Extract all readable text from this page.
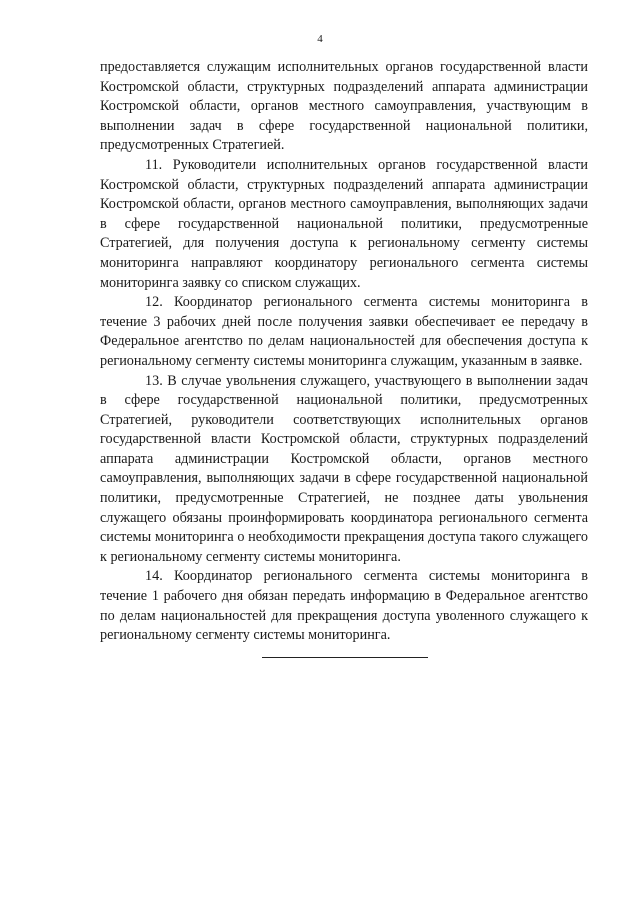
4

предоставляется служащим исполнительных органов государственной власти Костромской области, структурных подразделений аппарата администрации Костромской области, органов местного самоуправления, участвующим в выполнении задач в сфере государственной национальной политики, предусмотренных Стратегией.

11. Руководители исполнительных органов государственной власти Костромской области, структурных подразделений аппарата администрации Костромской области, органов местного самоуправления, выполняющих задачи в сфере государственной национальной политики, предусмотренные Стратегией, для получения доступа к региональному сегменту системы мониторинга направляют координатору регионального сегмента системы мониторинга заявку со списком служащих.

12. Координатор регионального сегмента системы мониторинга в течение 3 рабочих дней после получения заявки обеспечивает ее передачу в Федеральное агентство по делам национальностей для обеспечения доступа к региональному сегменту системы мониторинга служащим, указанным в заявке.

13. В случае увольнения служащего, участвующего в выполнении задач в сфере государственной национальной политики, предусмотренных Стратегией, руководители соответствующих исполнительных органов государственной власти Костромской области, структурных подразделений аппарата администрации Костромской области, органов местного самоуправления, выполняющих задачи в сфере государственной национальной политики, предусмотренные Стратегией, не позднее даты увольнения служащего обязаны проинформировать координатора регионального сегмента системы мониторинга о необходимости прекращения доступа такого служащего к региональному сегменту системы мониторинга.

14. Координатор регионального сегмента системы мониторинга в течение 1 рабочего дня обязан передать информацию в Федеральное агентство по делам национальностей для прекращения доступа уволенного служащего к региональному сегменту системы мониторинга.
